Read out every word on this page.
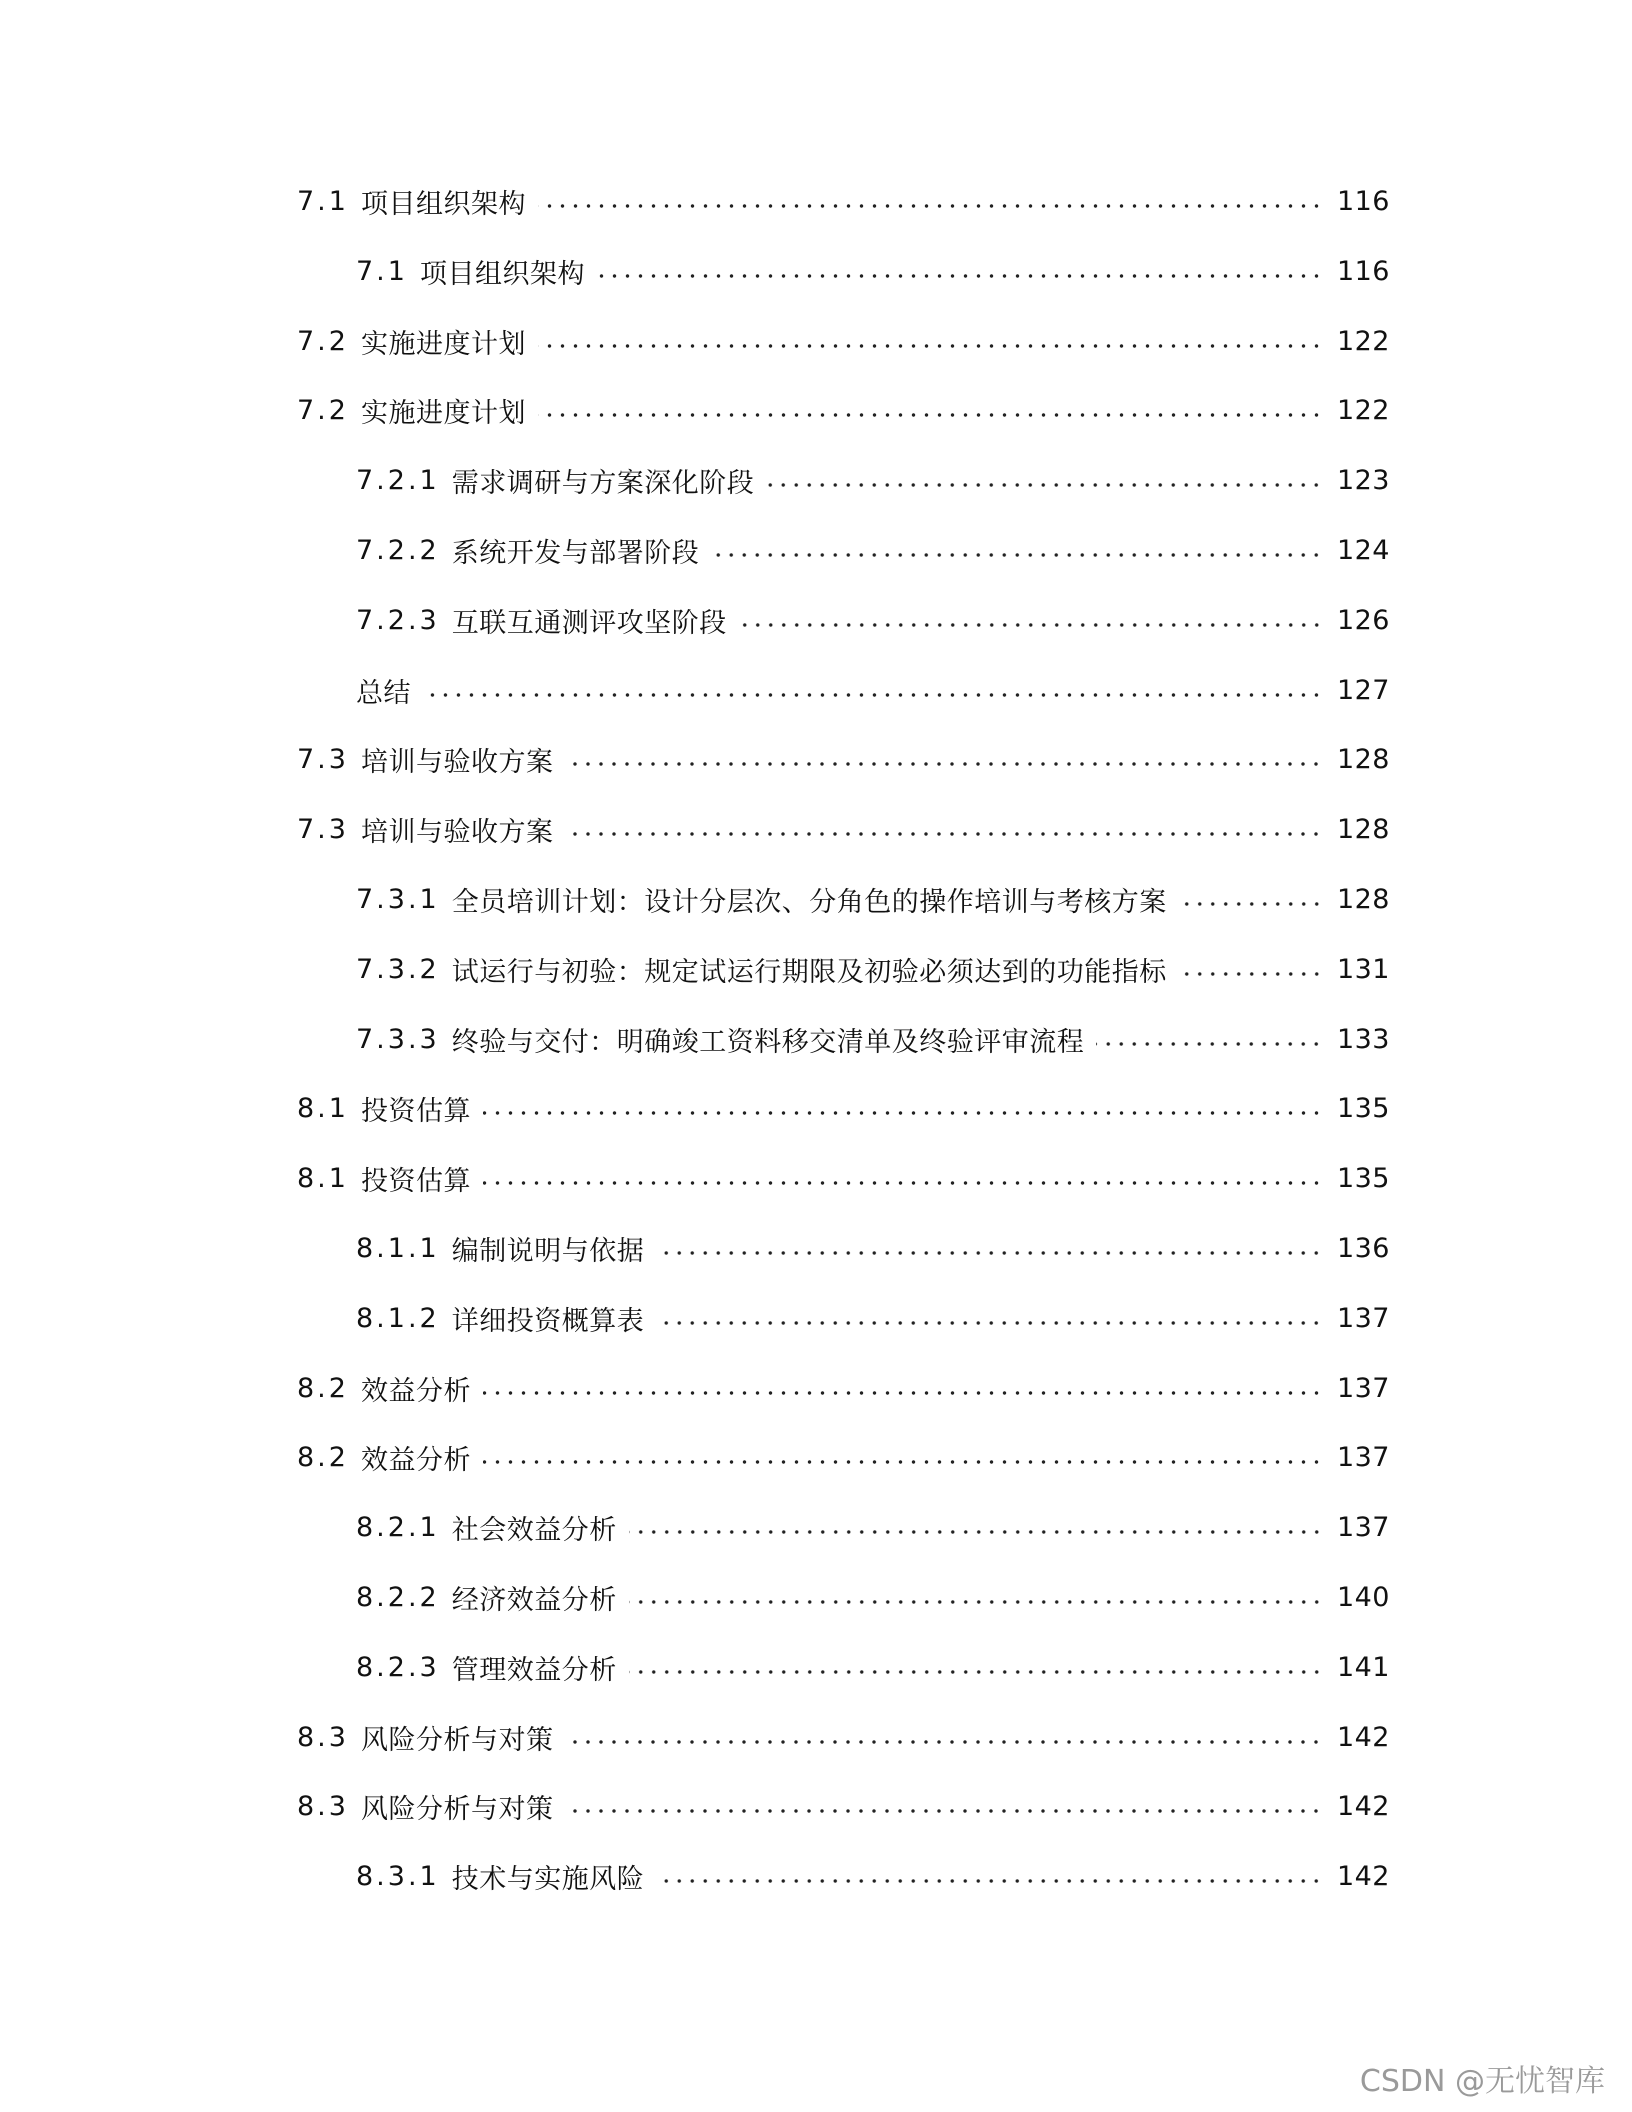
7.1 项目组织架构	116
7.1 项目组织架构	116
7.2 实施进度计划	122
7.2 实施进度计划	122
7.2.1 需求调研与方案深化阶段	123
7.2.2 系统开发与部署阶段	124
7.2.3 互联互通测评攻坚阶段	126
总结	127
7.3 培训与验收方案	128
7.3 培训与验收方案	128
7.3.1 全员培训计划：设计分层次、分角色的操作培训与考核方案	128
7.3.2 试运行与初验：规定试运行期限及初验必须达到的功能指标	131
7.3.3 终验与交付：明确竣工资料移交清单及终验评审流程	133
8.1 投资估算	135
8.1 投资估算	135
8.1.1 编制说明与依据	136
8.1.2 详细投资概算表	137
8.2 效益分析	137
8.2 效益分析	137
8.2.1 社会效益分析	137
8.2.2 经济效益分析	140
8.2.3 管理效益分析	141
8.3 风险分析与对策	142
8.3 风险分析与对策	142
8.3.1 技术与实施风险	142
CSDN @无忧智库
